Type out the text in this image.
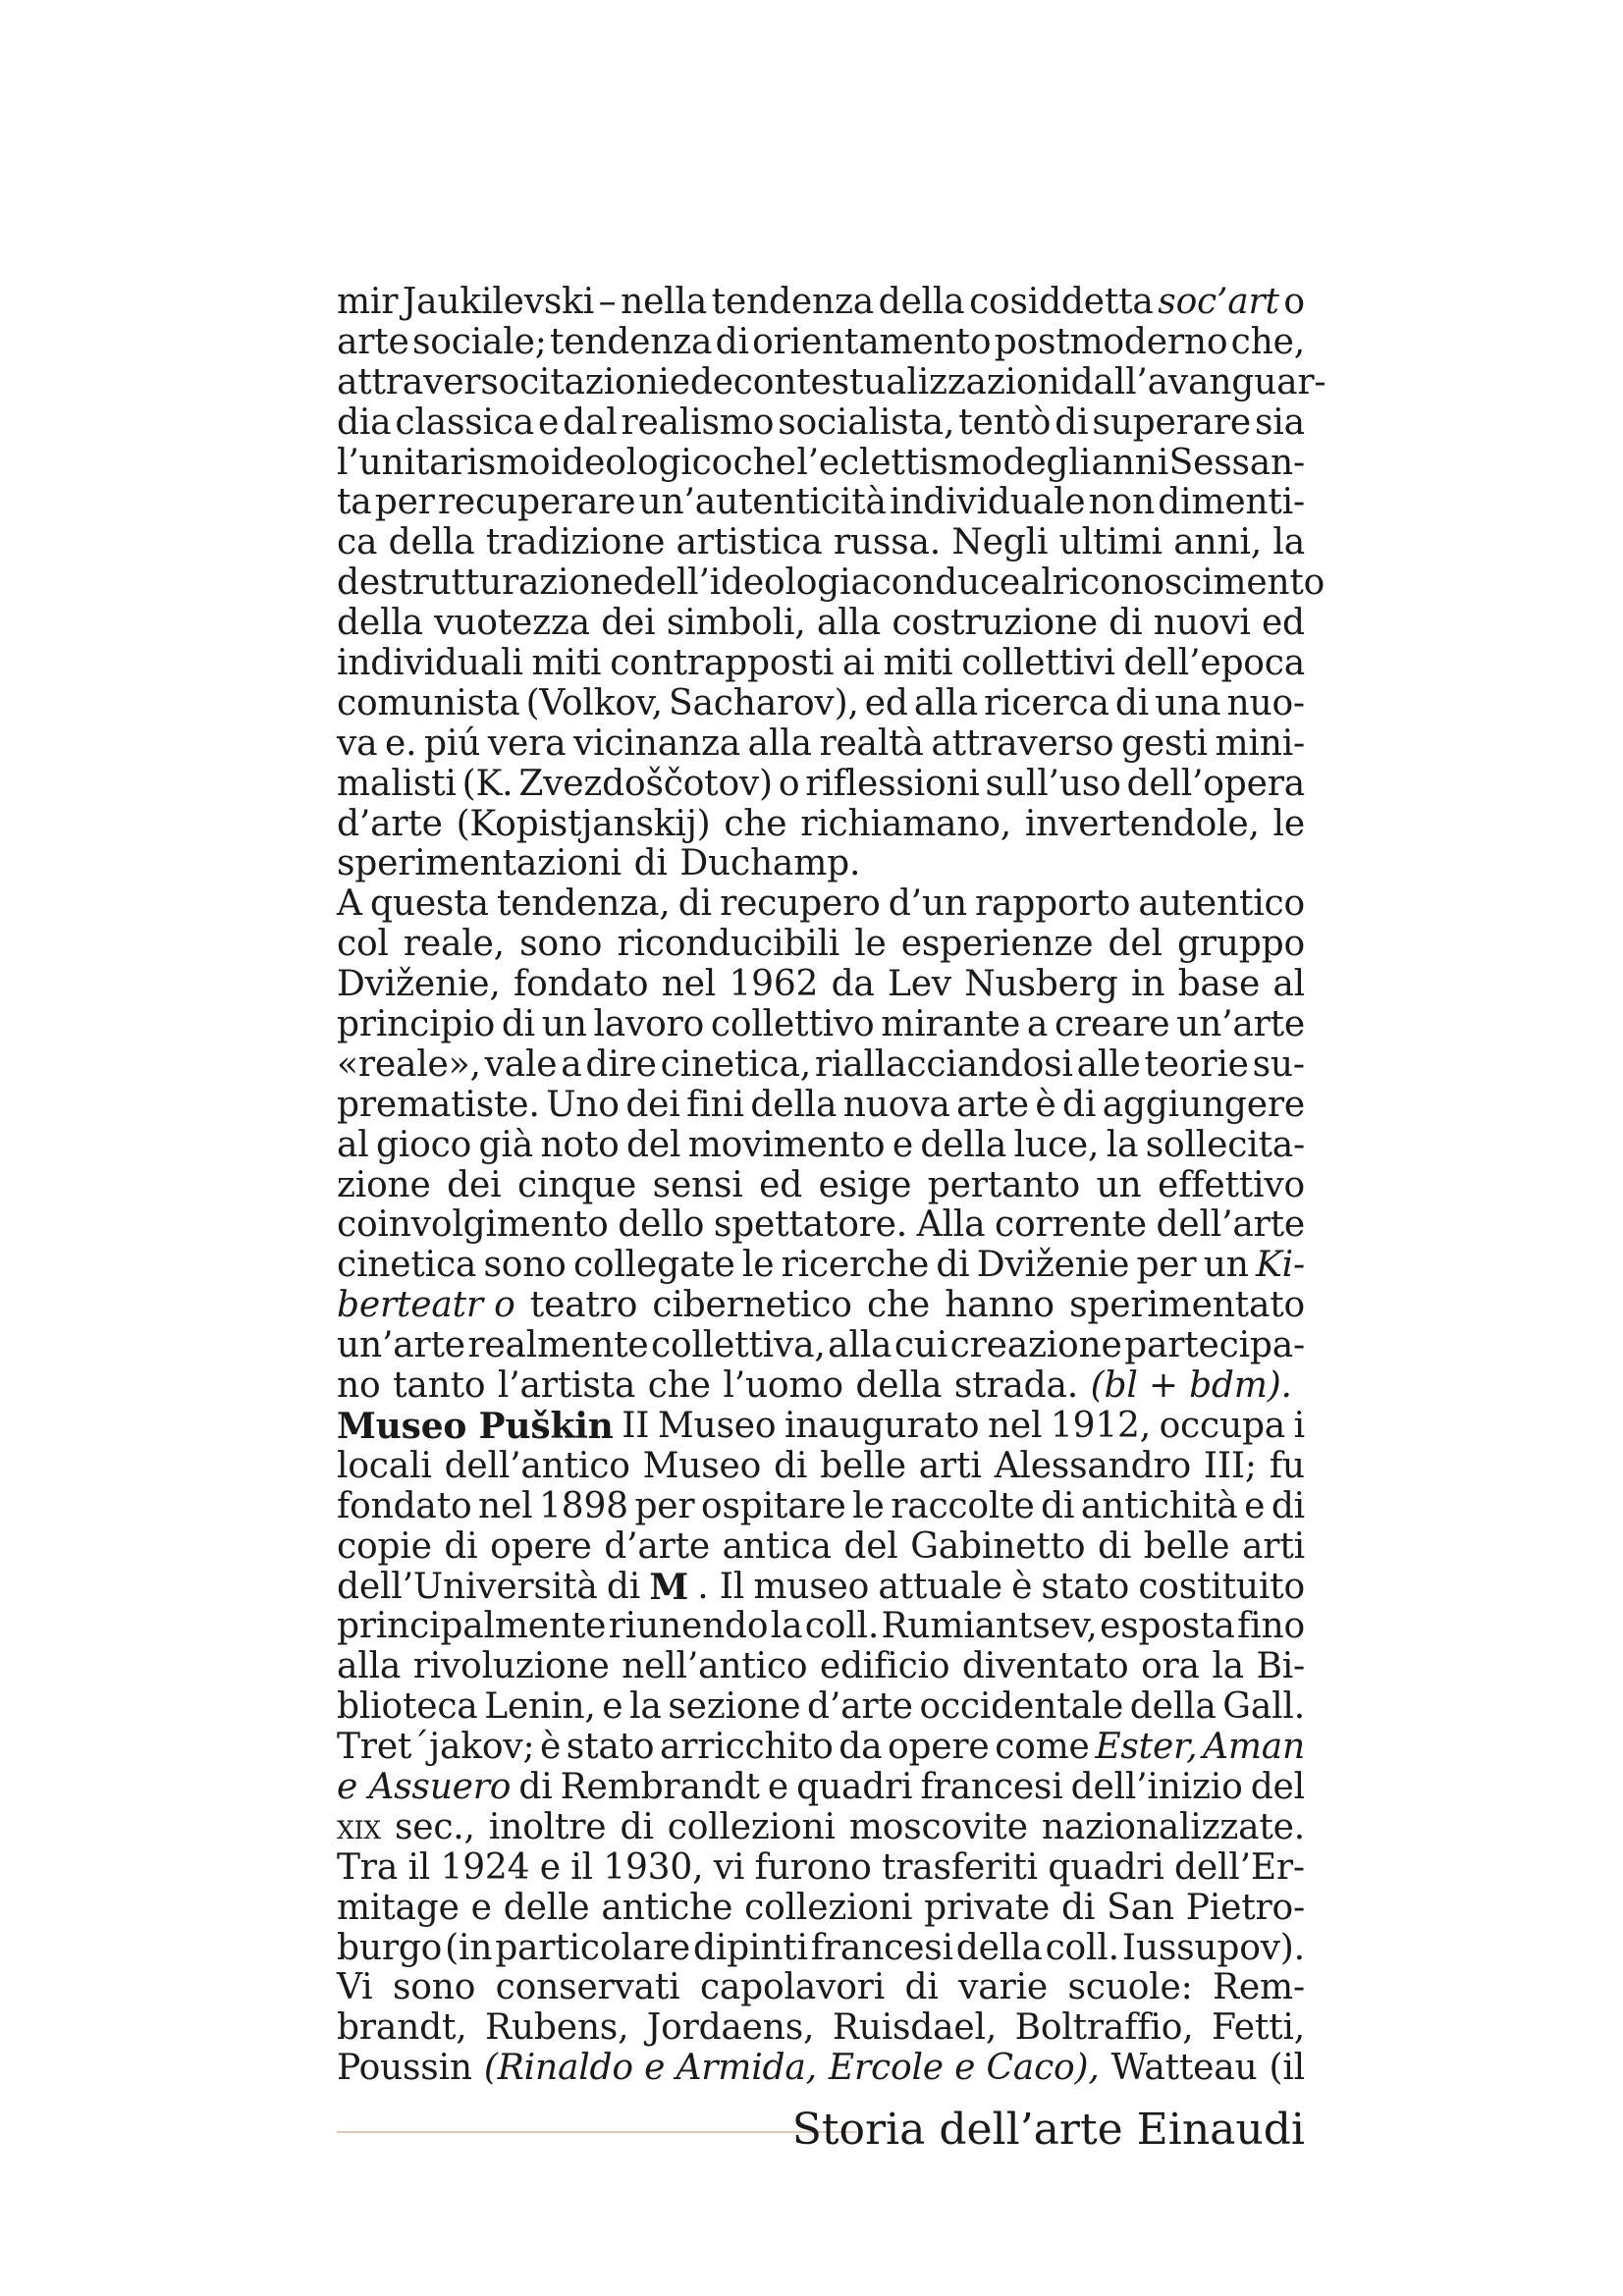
mir Jaukilevski – nella tendenza della cosiddetta soc’art o
arte sociale; tendenza di orientamento postmoderno che,
attraverso citazioni e decontestualizzazioni dall’avanguar-
dia classica e dal realismo socialista, tentò di superare sia
l’unitarismo ideologico che l’eclettismo degli anni Sessan-
ta per recuperare un’autenticità individuale non dimenti-
ca della tradizione artistica russa. Negli ultimi anni, la
destrutturazione dell’ideologia conduce al riconoscimento
della vuotezza dei simboli, alla costruzione di nuovi ed
individuali miti contrapposti ai miti collettivi dell’epoca
comunista (Volkov, Sacharov), ed alla ricerca di una nuo-
va e. piú vera vicinanza alla realtà attraverso gesti mini-
malisti (K. Zvezdoščotov) o riflessioni sull’uso dell’opera
d’arte (Kopistjanskij) che richiamano, invertendole, le
sperimentazioni di Duchamp.
A questa tendenza, di recupero d’un rapporto autentico
col reale, sono riconducibili le esperienze del gruppo
Dviženie, fondato nel 1962 da Lev Nusberg in base al
principio di un lavoro collettivo mirante a creare un’arte
«reale», vale a dire cinetica, riallacciandosi alle teorie su-
prematiste. Uno dei fini della nuova arte è di aggiungere
al gioco già noto del movimento e della luce, la sollecita-
zione dei cinque sensi ed esige pertanto un effettivo
coinvolgimento dello spettatore. Alla corrente dell’arte
cinetica sono collegate le ricerche di Dviženie per un Ki-
berteatr o teatro cibernetico che hanno sperimentato
un’arte realmente collettiva, alla cui creazione partecipa-
no tanto l’artista che l’uomo della strada. (bl + bdm).
Museo Puškin II Museo inaugurato nel 1912, occupa i
locali dell’antico Museo di belle arti Alessandro III; fu
fondato nel 1898 per ospitare le raccolte di antichità e di
copie di opere d’arte antica del Gabinetto di belle arti
dell’Università di M . Il museo attuale è stato costituito
principalmente riunendo la coll. Rumiantsev, esposta fino
alla rivoluzione nell’antico edificio diventato ora la Bi-
blioteca Lenin, e la sezione d’arte occidentale della Gall.
Tret´jakov; è stato arricchito da opere come Ester, Aman
e Assuero di Rembrandt e quadri francesi dell’inizio del
xix sec., inoltre di collezioni moscovite nazionalizzate.
Tra il 1924 e il 1930, vi furono trasferiti quadri dell’Er-
mitage e delle antiche collezioni private di San Pietro-
burgo (in particolare dipinti francesi della coll. Iussupov).
Vi sono conservati capolavori di varie scuole: Rem-
brandt, Rubens, Jordaens, Ruisdael, Boltraffio, Fetti,
Poussin (Rinaldo e Armida, Ercole e Caco), Watteau (il
Storia dell’arte Einaudi
